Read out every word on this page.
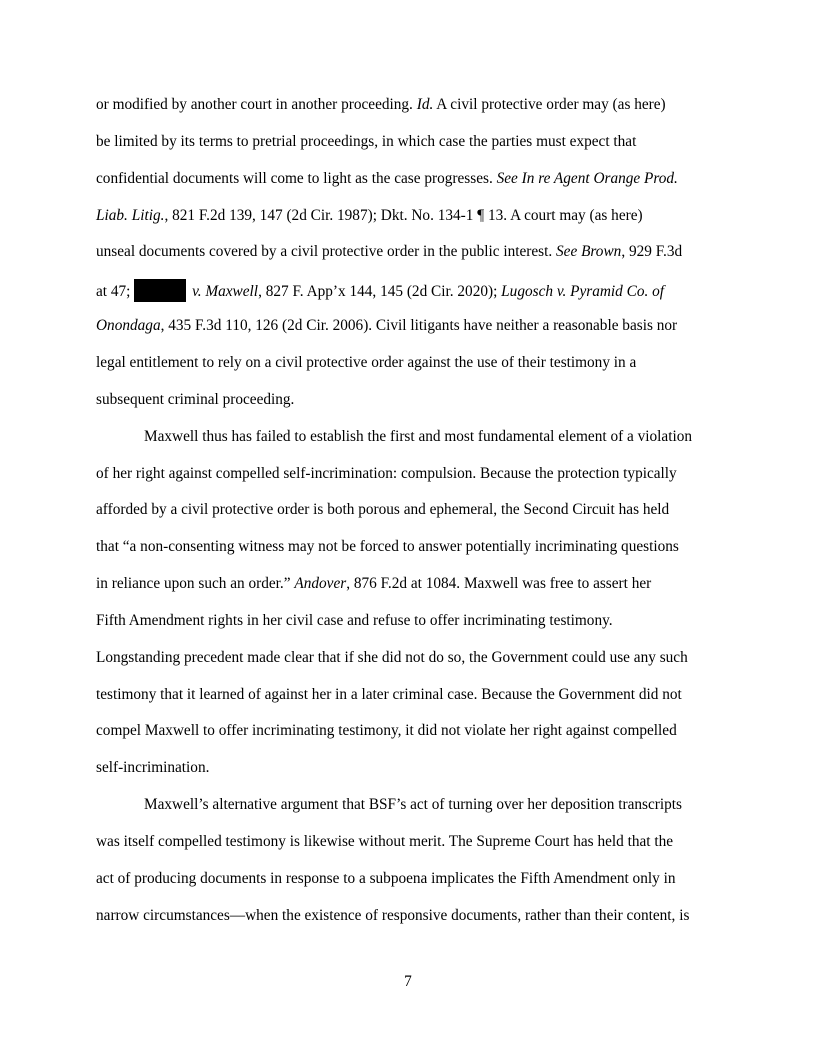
or modified by another court in another proceeding. Id. A civil protective order may (as here)
be limited by its terms to pretrial proceedings, in which case the parties must expect that
confidential documents will come to light as the case progresses. See In re Agent Orange Prod.
Liab. Litig., 821 F.2d 139, 147 (2d Cir. 1987); Dkt. No. 134-1 ¶ 13. A court may (as here)
unseal documents covered by a civil protective order in the public interest. See Brown, 929 F.3d
at 47;	v. Maxwell, 827 F. App’x 144, 145 (2d Cir. 2020); Lugosch v. Pyramid Co. of
Onondaga, 435 F.3d 110, 126 (2d Cir. 2006). Civil litigants have neither a reasonable basis nor
legal entitlement to rely on a civil protective order against the use of their testimony in a
subsequent criminal proceeding.
Maxwell thus has failed to establish the first and most fundamental element of a violation
of her right against compelled self-incrimination: compulsion. Because the protection typically
afforded by a civil protective order is both porous and ephemeral, the Second Circuit has held
that “a non-consenting witness may not be forced to answer potentially incriminating questions
in reliance upon such an order.” Andover, 876 F.2d at 1084. Maxwell was free to assert her
Fifth Amendment rights in her civil case and refuse to offer incriminating testimony.
Longstanding precedent made clear that if she did not do so, the Government could use any such
testimony that it learned of against her in a later criminal case. Because the Government did not
compel Maxwell to offer incriminating testimony, it did not violate her right against compelled
self-incrimination.
Maxwell’s alternative argument that BSF’s act of turning over her deposition transcripts
was itself compelled testimony is likewise without merit. The Supreme Court has held that the
act of producing documents in response to a subpoena implicates the Fifth Amendment only in
narrow circumstances—when the existence of responsive documents, rather than their content, is
7
